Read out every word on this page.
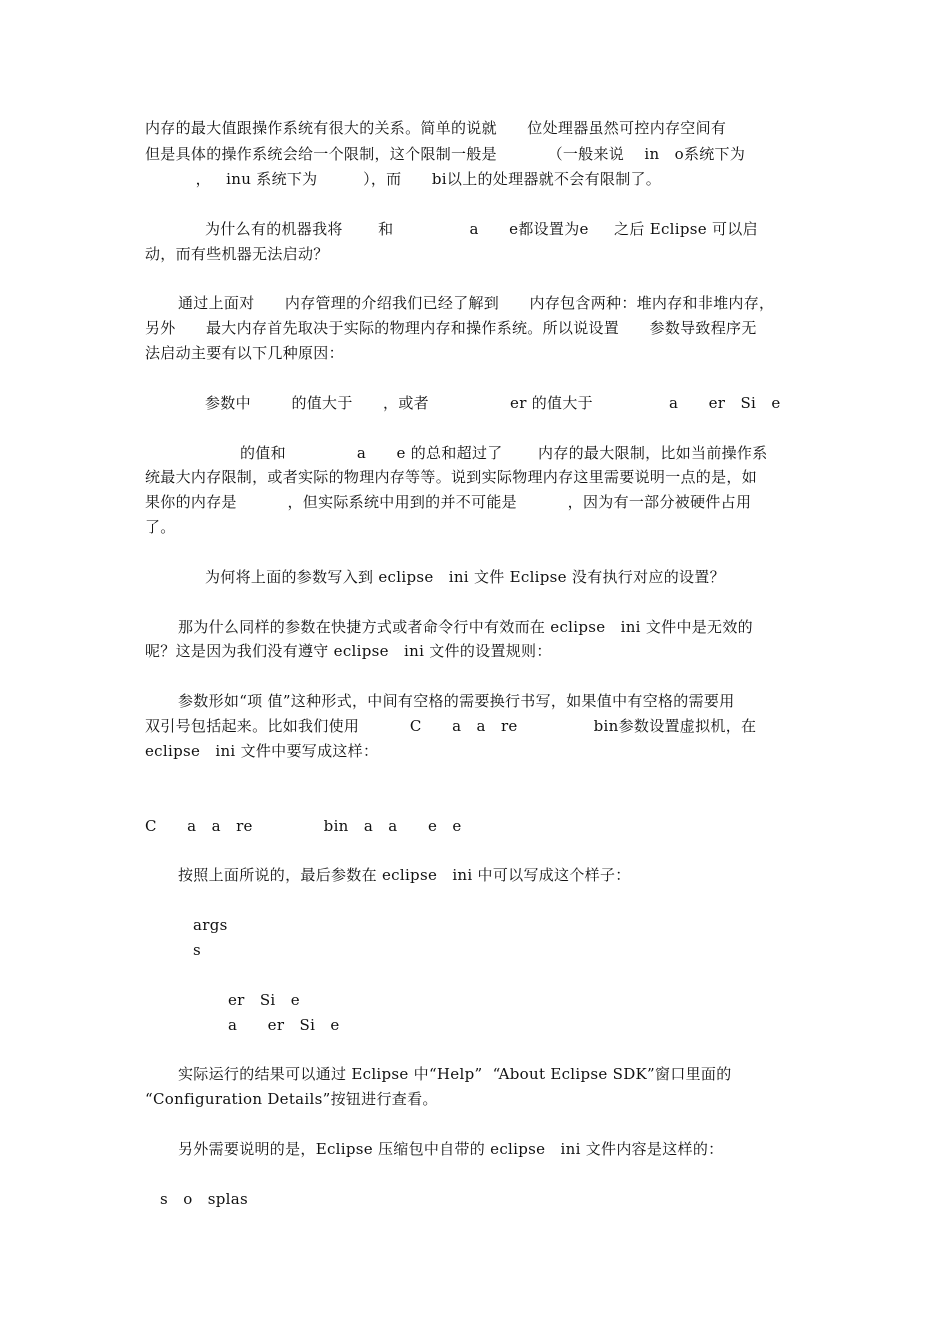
内存的最大值跟操作系统有很大的关系。简单的说就      位处理器虽然可控内存空间有
但是具体的操作系统会给一个限制，这个限制一般是          （一般来说    in   o系统下为
，   inu 系统下为         ），而      bi以上的处理器就不会有限制了。
为什么有的机器我将       和               a      e都设置为e     之后 Eclipse 可以启
动，而有些机器无法启动？
通过上面对      内存管理的介绍我们已经了解到      内存包含两种：堆内存和非堆内存，
另外      最大内存首先取决于实际的物理内存和操作系统。所以说设置      参数导致程序无
法启动主要有以下几种原因：
参数中        的值大于      ，或者                er 的值大于               a      er   Si   e
的值和              a      e 的总和超过了       内存的最大限制，比如当前操作系
统最大内存限制，或者实际的物理内存等等。说到实际物理内存这里需要说明一点的是，如
果你的内存是          ，但实际系统中用到的并不可能是          ，因为有一部分被硬件占用
了。
为何将上面的参数写入到 eclipse   ini 文件 Eclipse 没有执行对应的设置？
那为什么同样的参数在快捷方式或者命令行中有效而在 eclipse   ini 文件中是无效的
呢？这是因为我们没有遵守 eclipse   ini 文件的设置规则：
参数形如“项 值”这种形式，中间有空格的需要换行书写，如果值中有空格的需要用
双引号包括起来。比如我们使用          C      a   a   re               bin参数设置虚拟机，在
eclipse   ini 文件中要写成这样：
C      a   a   re              bin   a   a      e   e
按照上面所说的，最后参数在 eclipse   ini 中可以写成这个样子：
args
s
er   Si   e
a      er   Si   e
实际运行的结果可以通过 Eclipse 中“Help”  “About Eclipse SDK”窗口里面的
“Configuration Details”按钮进行查看。
另外需要说明的是，Eclipse 压缩包中自带的 eclipse   ini 文件内容是这样的：
s   o   splas
